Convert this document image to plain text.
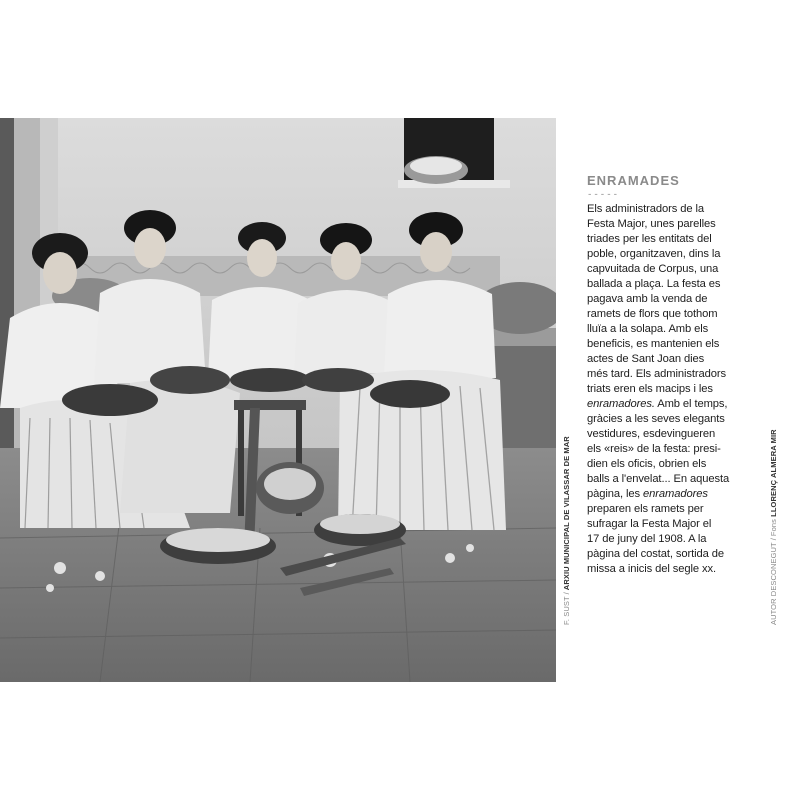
F. SUST/ARXIU MUNICIPAL DE VILASSAR DE MAR	AUTOR DESCONEGUT/Fons LLORENÇ ALMERA MIR
ENRAMADES
-----

Els administradors de la
Festa Major, unes parelles
triades per les entitats del
poble, organitzaven, dins la
capvuitada de Corpus, una
ballada a plaça. La festa es
pagava amb la venda de
ramets de flors que tothom
lluïa a la solapa. Amb els
beneficis, es mantenien els
actes de Sant Joan dies
més tard. Els administradors
triats eren els macips i les
enramadores. Amb el temps,
gràcies a les seves elegants
vestidures, esdevingueren
els «reis» de la festa: presi-
dien els oficis, obrien els
balls a l'envelat... En aquesta
pàgina, les enramadores
preparen els ramets per
sufragar la Festa Major el
17 de juny del 1908. A la
pàgina del costat, sortida de
missa a inicis del segle xx.
